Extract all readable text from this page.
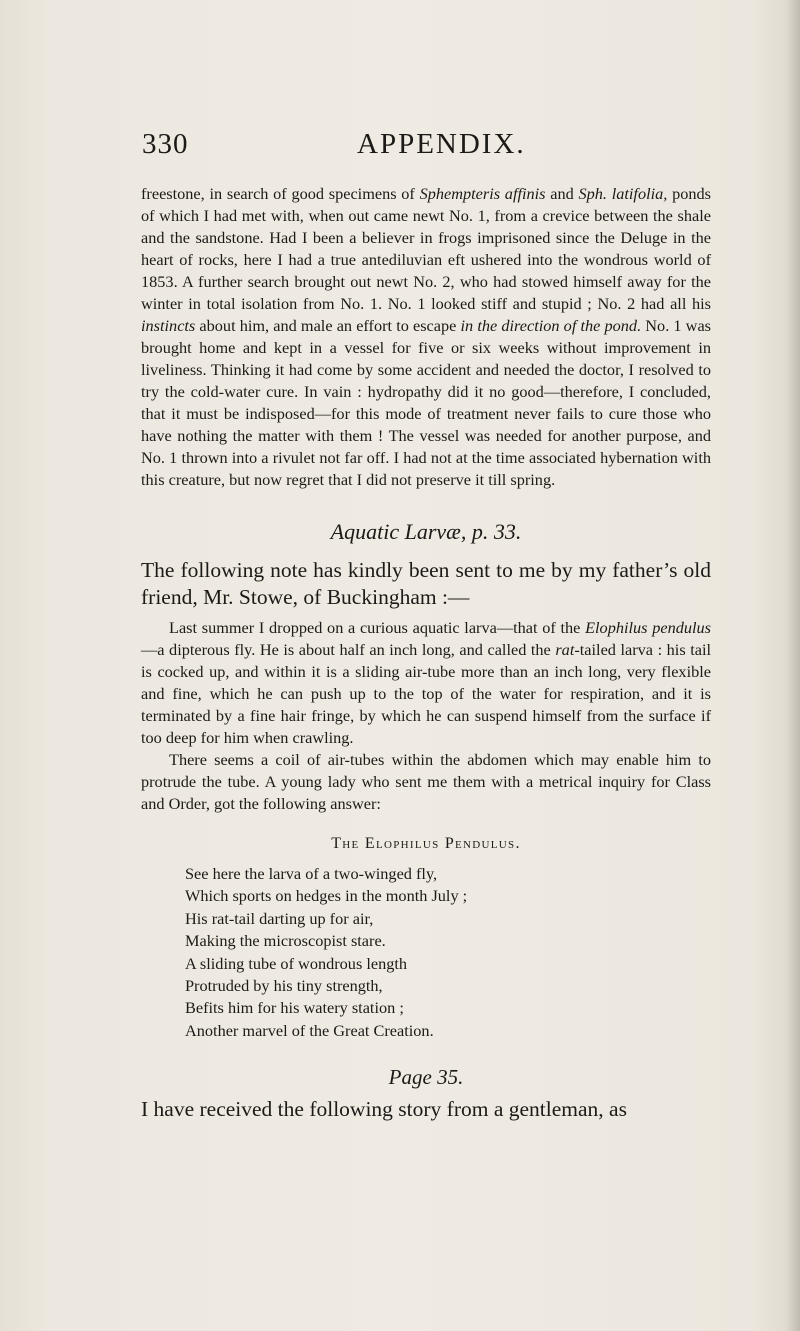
330	APPENDIX.

freestone, in search of good specimens of Sphempteris affinis and Sph. latifolia, ponds of which I had met with, when out came newt No. 1, from a crevice between the shale and the sandstone. Had I been a believer in frogs imprisoned since the Deluge in the heart of rocks, here I had a true antediluvian eft ushered into the wondrous world of 1853. A further search brought out newt No. 2, who had stowed himself away for the winter in total isolation from No. 1. No. 1 looked stiff and stupid ; No. 2 had all his instincts about him, and male an effort to escape in the direction of the pond. No. 1 was brought home and kept in a vessel for five or six weeks without improvement in liveliness. Thinking it had come by some accident and needed the doctor, I resolved to try the cold-water cure. In vain : hydropathy did it no good—therefore, I concluded, that it must be indisposed—for this mode of treatment never fails to cure those who have nothing the matter with them ! The vessel was needed for another purpose, and No. 1 thrown into a rivulet not far off. I had not at the time associated hybernation with this creature, but now regret that I did not preserve it till spring.

Aquatic Larvæ, p. 33.

The following note has kindly been sent to me by my father’s old friend, Mr. Stowe, of Buckingham :—

Last summer I dropped on a curious aquatic larva—that of the Elophilus pendulus—a dipterous fly. He is about half an inch long, and called the rat-tailed larva : his tail is cocked up, and within it is a sliding air-tube more than an inch long, very flexible and fine, which he can push up to the top of the water for respiration, and it is terminated by a fine hair fringe, by which he can suspend himself from the surface if too deep for him when crawling.

There seems a coil of air-tubes within the abdomen which may enable him to protrude the tube. A young lady who sent me them with a metrical inquiry for Class and Order, got the following answer:

The Elophilus Pendulus.
See here the larva of a two-winged fly,
Which sports on hedges in the month July ;
His rat-tail darting up for air,
Making the microscopist stare.
A sliding tube of wondrous length
Protruded by his tiny strength,
Befits him for his watery station ;
Another marvel of the Great Creation.
Page 35.

I have received the following story from a gentleman, as
